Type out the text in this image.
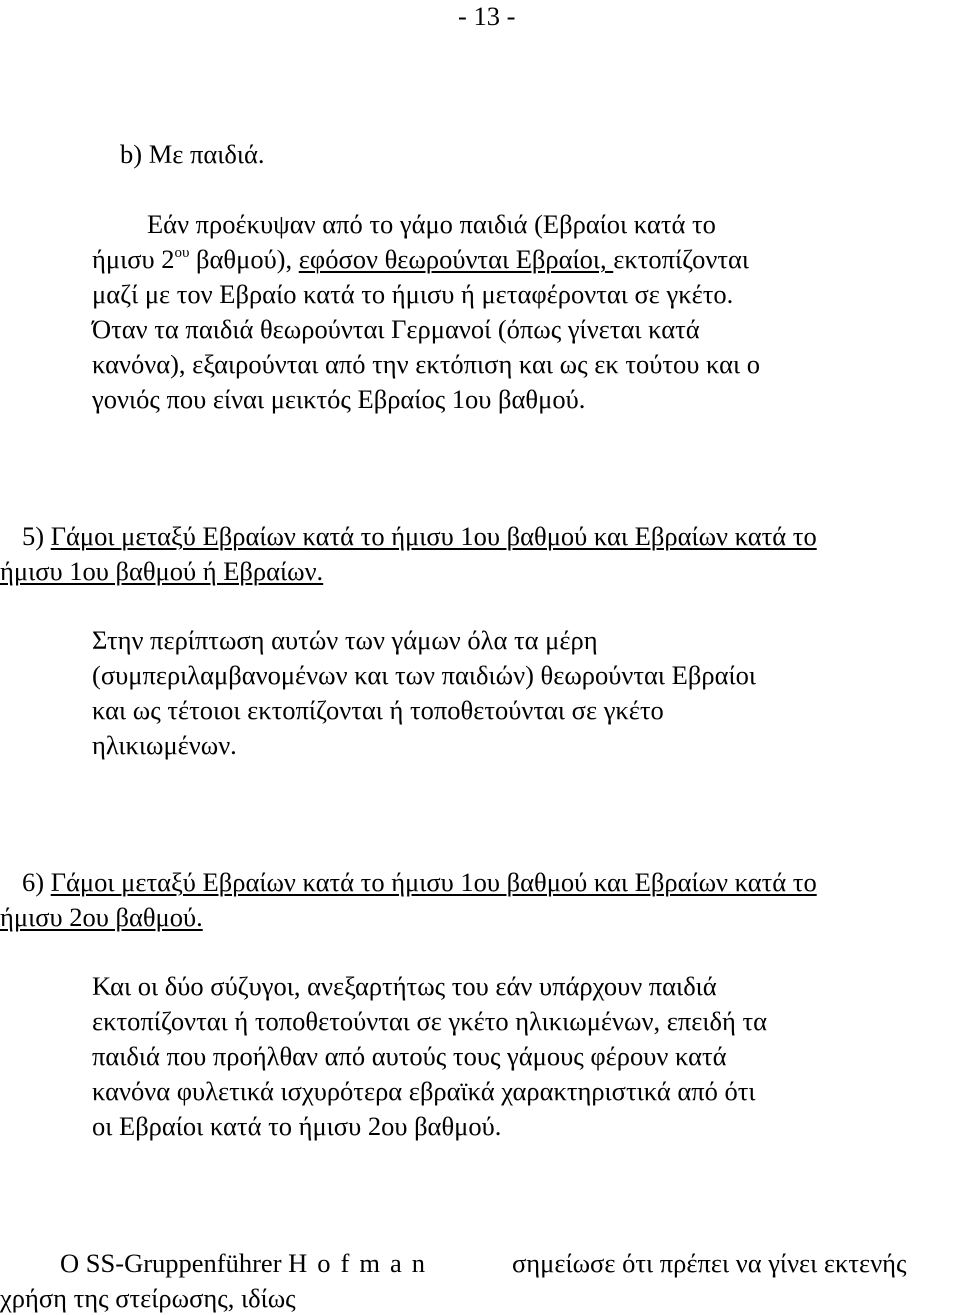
- 13 -

b) Με παιδιά.

Εάν προέκυψαν από το γάμο παιδιά (Εβραίοι κατά το

ήμισυ $2^{o\upsilon}$ βαθμού), εφόσον θεωρούνται Εβραίοι, εκτοπίζονται

μαζί με τον Εβραίο κατά το ήμισυ ή μεταφέρονται σε γκέτο.

Όταν τα παιδιά θεωρούνται Γερμανοί (όπως γίνεται κατά

κανόνα), εξαιρούνται από την εκτόπιση και ως εκ τούτου και ο

γονιός που είναι μεικτός Εβραίος 1ου βαθμού.

5) Γάμοι μεταξύ Εβραίων κατά το ήμισυ 1ου βαθμού και Εβραίων κατά το

ήμισυ 1ου βαθμού ή Εβραίων.

Στην περίπτωση αυτών των γάμων όλα τα μέρη

(συμπεριλαμβανομένων και των παιδιών) θεωρούνται Εβραίοι

και ως τέτοιοι εκτοπίζονται ή τοποθετούνται σε γκέτο

ηλικιωμένων.

6) Γάμοι μεταξύ Εβραίων κατά το ήμισυ 1ου βαθμού και Εβραίων κατά το

ήμισυ 2ου βαθμού.

Και οι δύο σύζυγοι, ανεξαρτήτως του εάν υπάρχουν παιδιά

εκτοπίζονται ή τοποθετούνται σε γκέτο ηλικιωμένων, επειδή τα

παιδιά που προήλθαν από αυτούς τους γάμους φέρουν κατά

κανόνα φυλετικά ισχυρότερα εβραϊκά χαρακτηριστικά από ότι

οι Εβραίοι κατά το ήμισυ 2ου βαθμού.

Ο SS-Gruppenführer Hofman	σημείωσε ότι πρέπει να γίνει εκτενής

χρήση της στείρωσης, ιδίως
